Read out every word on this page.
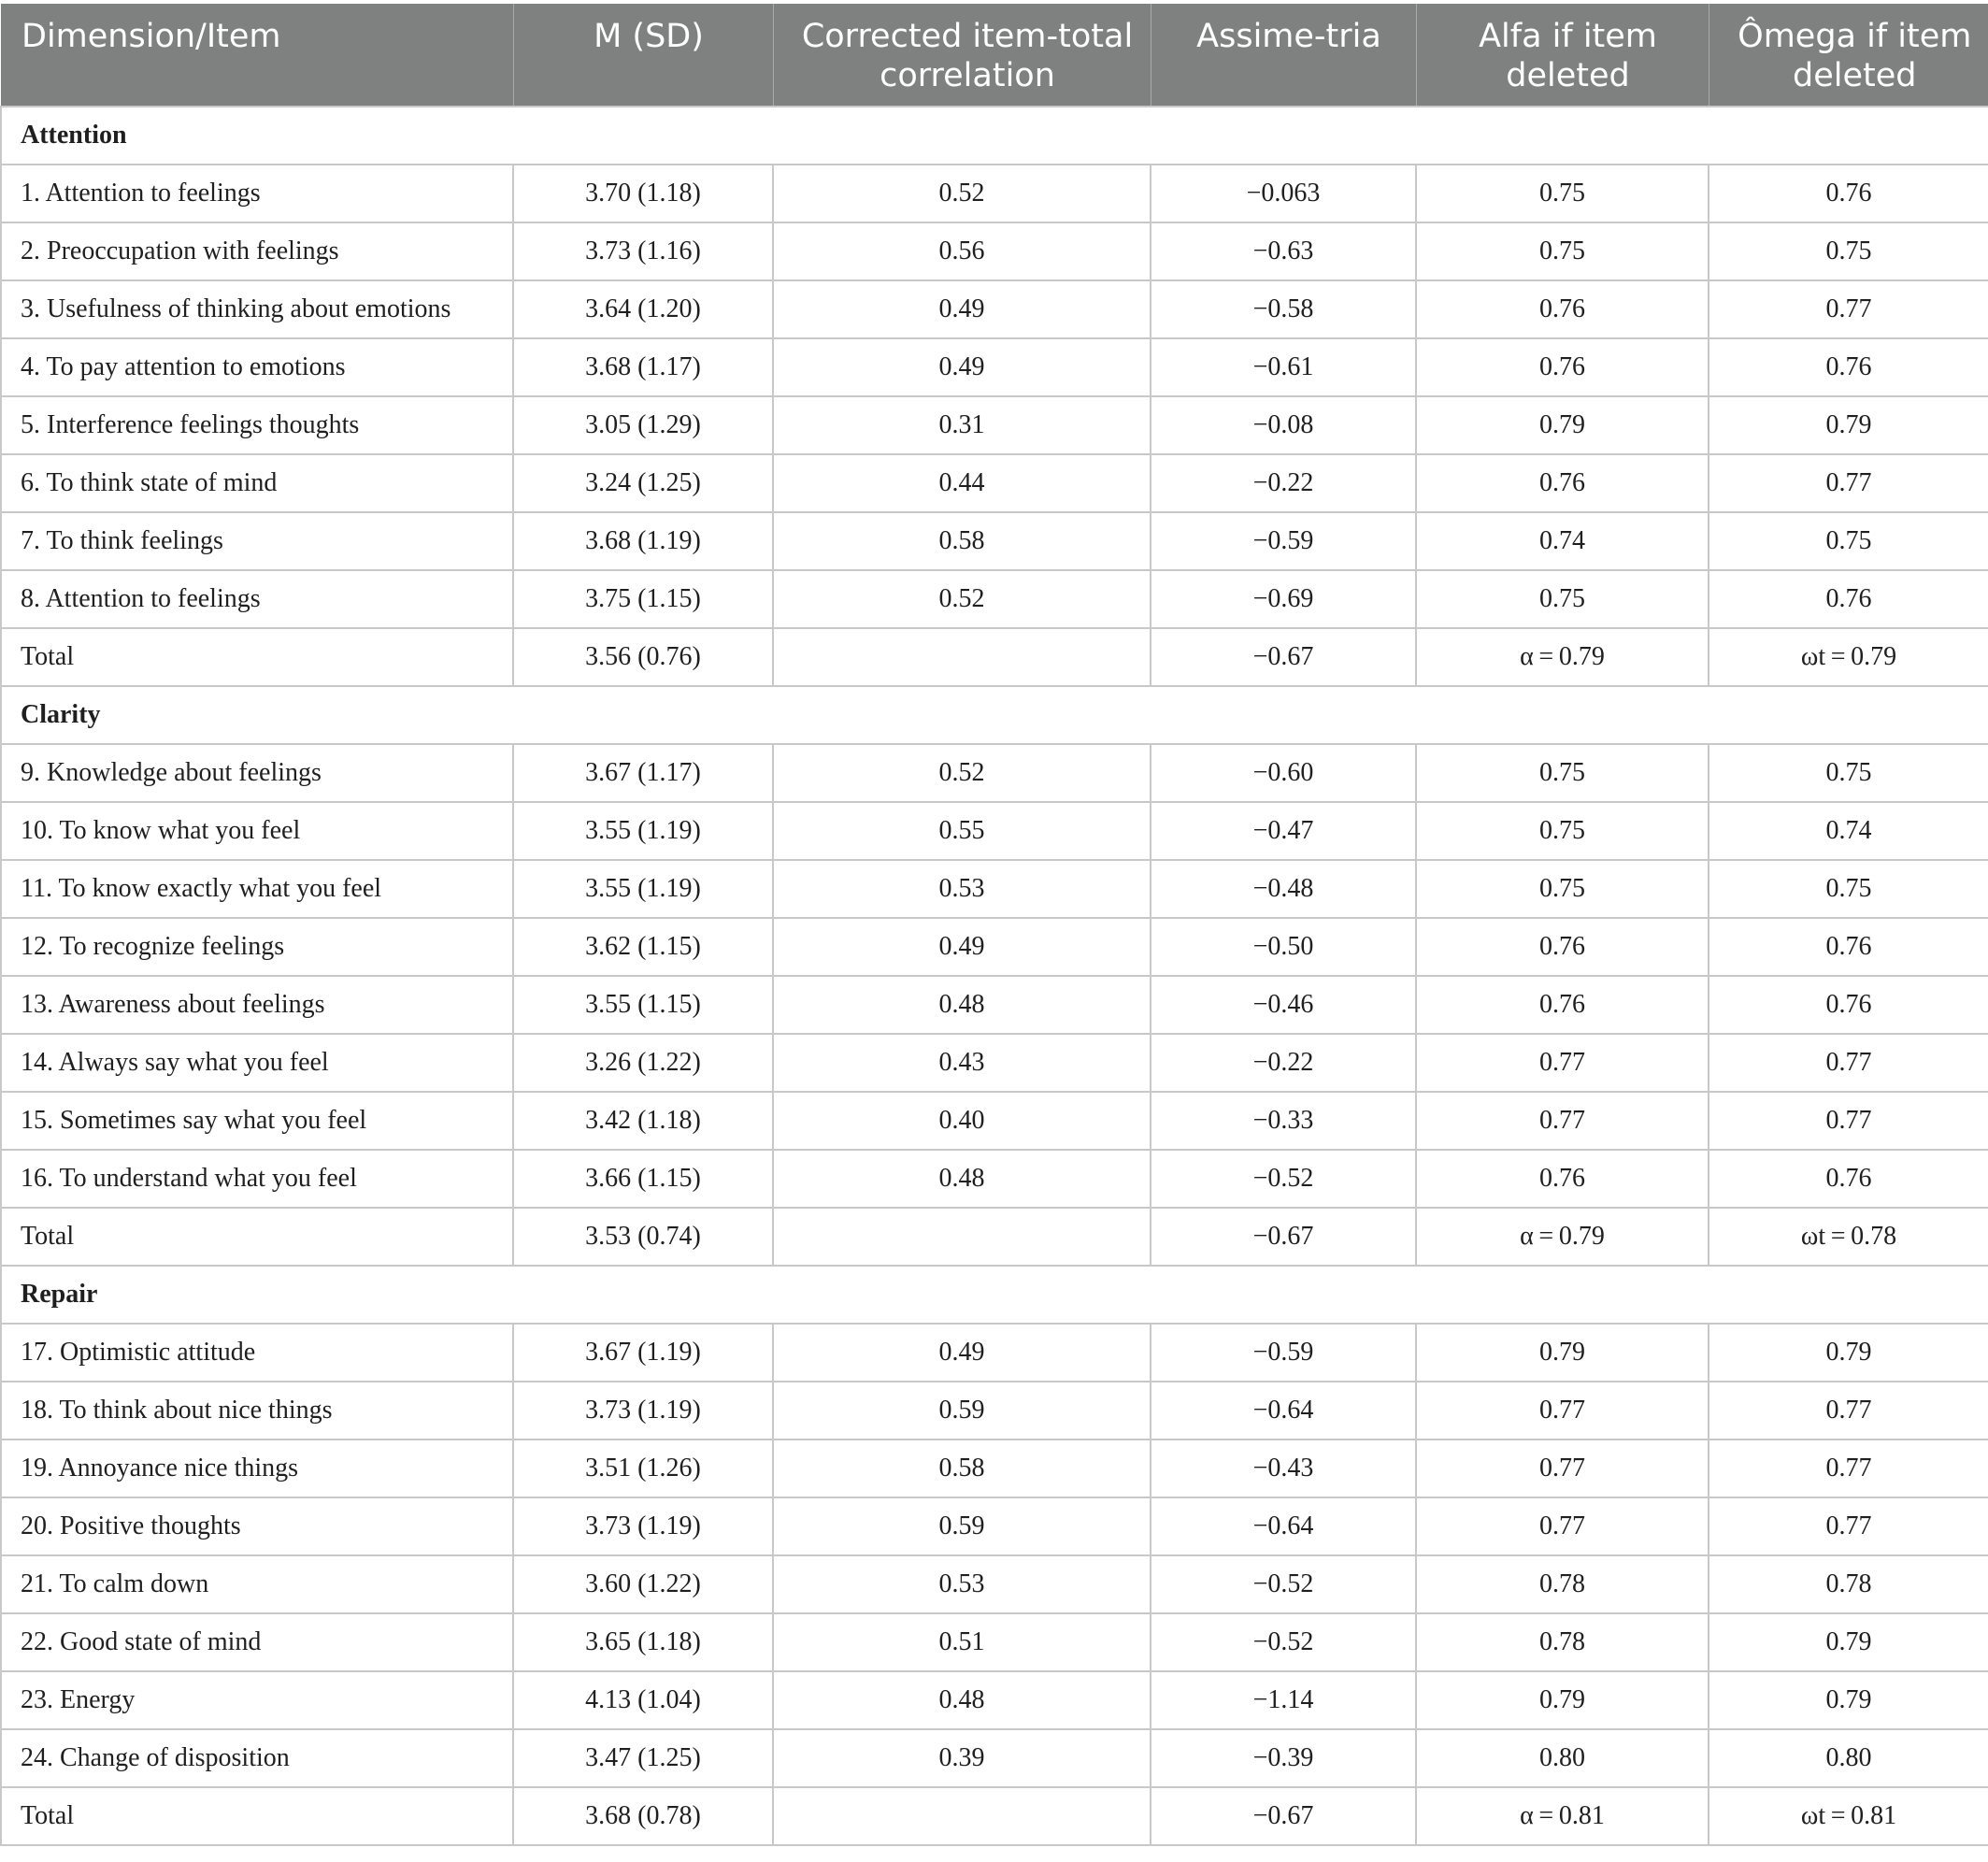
Dimension/Item	M (SD)	Corrected item-total correlation	Assime-tria	Alfa if item deleted	Ômega if item deleted
Attention					
1. Attention to feelings	3.70 (1.18)	0.52	−0.063	0.75	0.76
2. Preoccupation with feelings	3.73 (1.16)	0.56	−0.63	0.75	0.75
3. Usefulness of thinking about emotions	3.64 (1.20)	0.49	−0.58	0.76	0.77
4. To pay attention to emotions	3.68 (1.17)	0.49	−0.61	0.76	0.76
5. Interference feelings thoughts	3.05 (1.29)	0.31	−0.08	0.79	0.79
6. To think state of mind	3.24 (1.25)	0.44	−0.22	0.76	0.77
7. To think feelings	3.68 (1.19)	0.58	−0.59	0.74	0.75
8. Attention to feelings	3.75 (1.15)	0.52	−0.69	0.75	0.76
Total	3.56 (0.76)		−0.67	α = 0.79	ωt = 0.79
Clarity					
9. Knowledge about feelings	3.67 (1.17)	0.52	−0.60	0.75	0.75
10. To know what you feel	3.55 (1.19)	0.55	−0.47	0.75	0.74
11. To know exactly what you feel	3.55 (1.19)	0.53	−0.48	0.75	0.75
12. To recognize feelings	3.62 (1.15)	0.49	−0.50	0.76	0.76
13. Awareness about feelings	3.55 (1.15)	0.48	−0.46	0.76	0.76
14. Always say what you feel	3.26 (1.22)	0.43	−0.22	0.77	0.77
15. Sometimes say what you feel	3.42 (1.18)	0.40	−0.33	0.77	0.77
16. To understand what you feel	3.66 (1.15)	0.48	−0.52	0.76	0.76
Total	3.53 (0.74)		−0.67	α = 0.79	ωt = 0.78
Repair					
17. Optimistic attitude	3.67 (1.19)	0.49	−0.59	0.79	0.79
18. To think about nice things	3.73 (1.19)	0.59	−0.64	0.77	0.77
19. Annoyance nice things	3.51 (1.26)	0.58	−0.43	0.77	0.77
20. Positive thoughts	3.73 (1.19)	0.59	−0.64	0.77	0.77
21. To calm down	3.60 (1.22)	0.53	−0.52	0.78	0.78
22. Good state of mind	3.65 (1.18)	0.51	−0.52	0.78	0.79
23. Energy	4.13 (1.04)	0.48	−1.14	0.79	0.79
24. Change of disposition	3.47 (1.25)	0.39	−0.39	0.80	0.80
Total	3.68 (0.78)		−0.67	α = 0.81	ωt = 0.81
